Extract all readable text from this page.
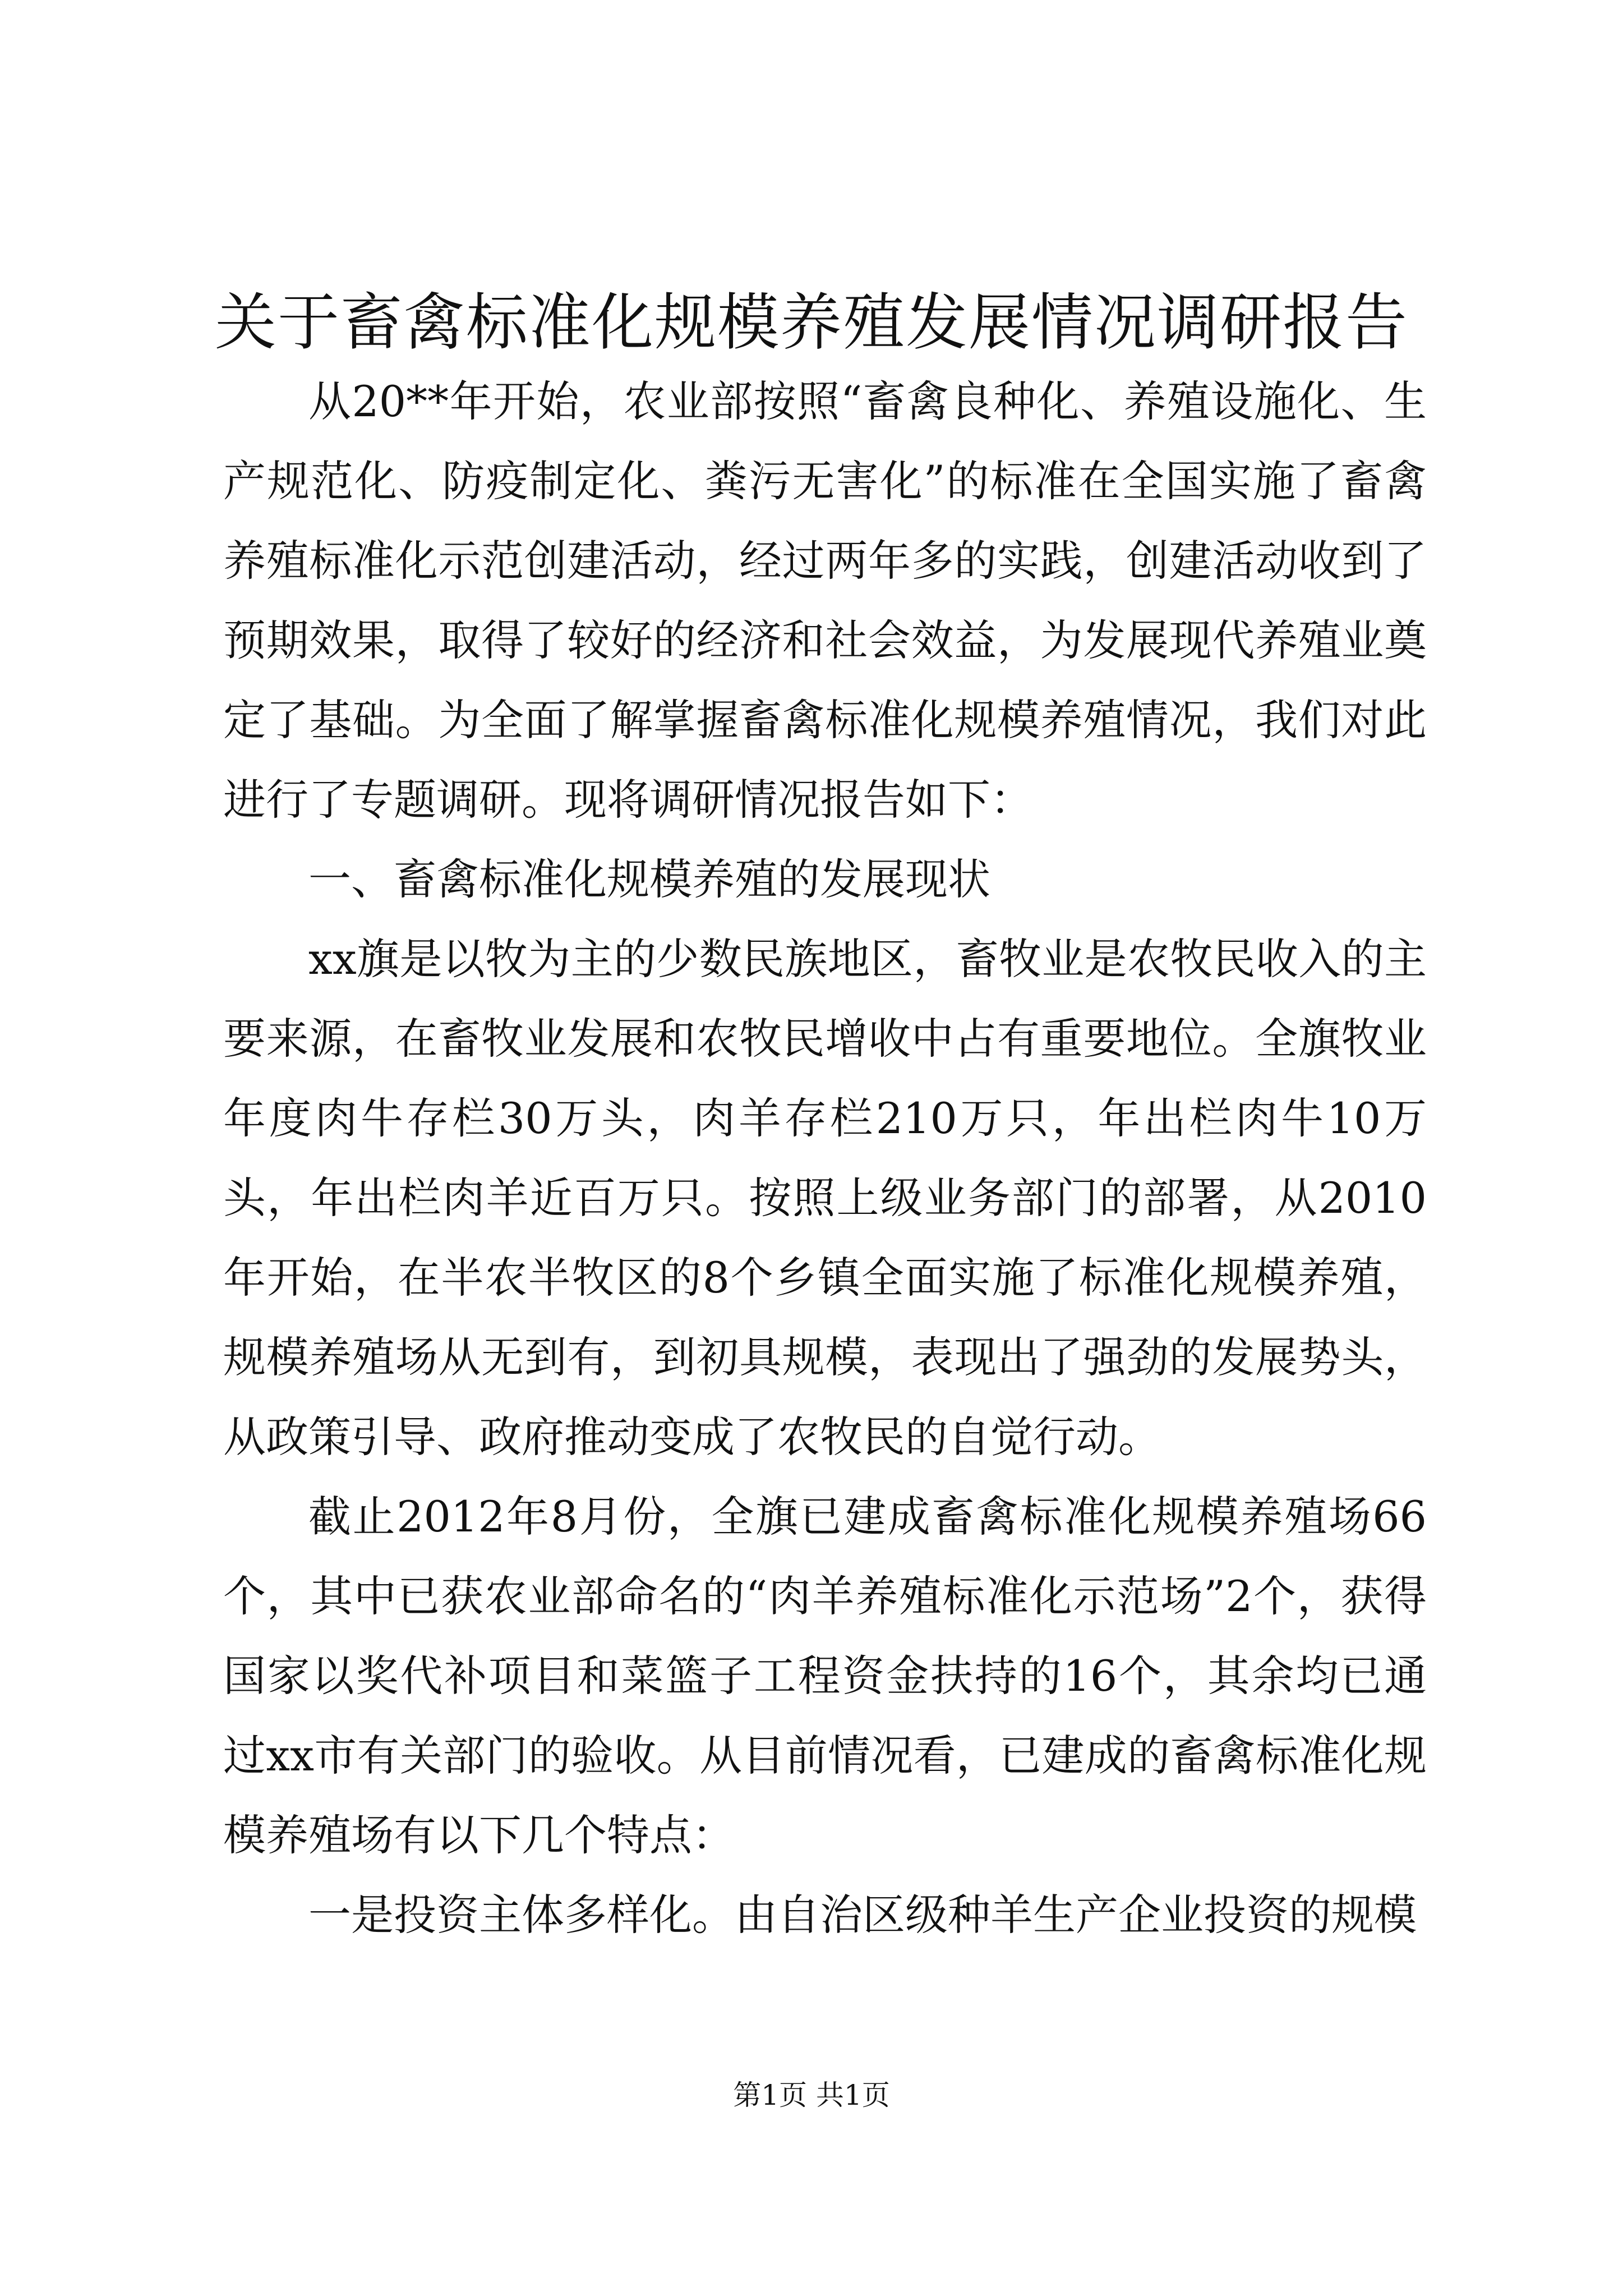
关于畜禽标准化规模养殖发展情况调研报告

从20**年开始，农业部按照“畜禽良种化、养殖设施化、生产规范化、防疫制定化、粪污无害化”的标准在全国实施了畜禽养殖标准化示范创建活动，经过两年多的实践，创建活动收到了预期效果，取得了较好的经济和社会效益，为发展现代养殖业奠定了基础。为全面了解掌握畜禽标准化规模养殖情况，我们对此进行了专题调研。现将调研情况报告如下：

一、畜禽标准化规模养殖的发展现状

xx旗是以牧为主的少数民族地区，畜牧业是农牧民收入的主要来源，在畜牧业发展和农牧民增收中占有重要地位。全旗牧业年度肉牛存栏30万头，肉羊存栏210万只，年出栏肉牛10万头，年出栏肉羊近百万只。按照上级业务部门的部署，从2010年开始，在半农半牧区的8个乡镇全面实施了标准化规模养殖，规模养殖场从无到有，到初具规模，表现出了强劲的发展势头，从政策引导、政府推动变成了农牧民的自觉行动。

截止2012年8月份，全旗已建成畜禽标准化规模养殖场66个，其中已获农业部命名的“肉羊养殖标准化示范场”2个，获得国家以奖代补项目和菜篮子工程资金扶持的16个，其余均已通过xx市有关部门的验收。从目前情况看，已建成的畜禽标准化规模养殖场有以下几个特点：

一是投资主体多样化。由自治区级种羊生产企业投资的规模

第1页 共1页
